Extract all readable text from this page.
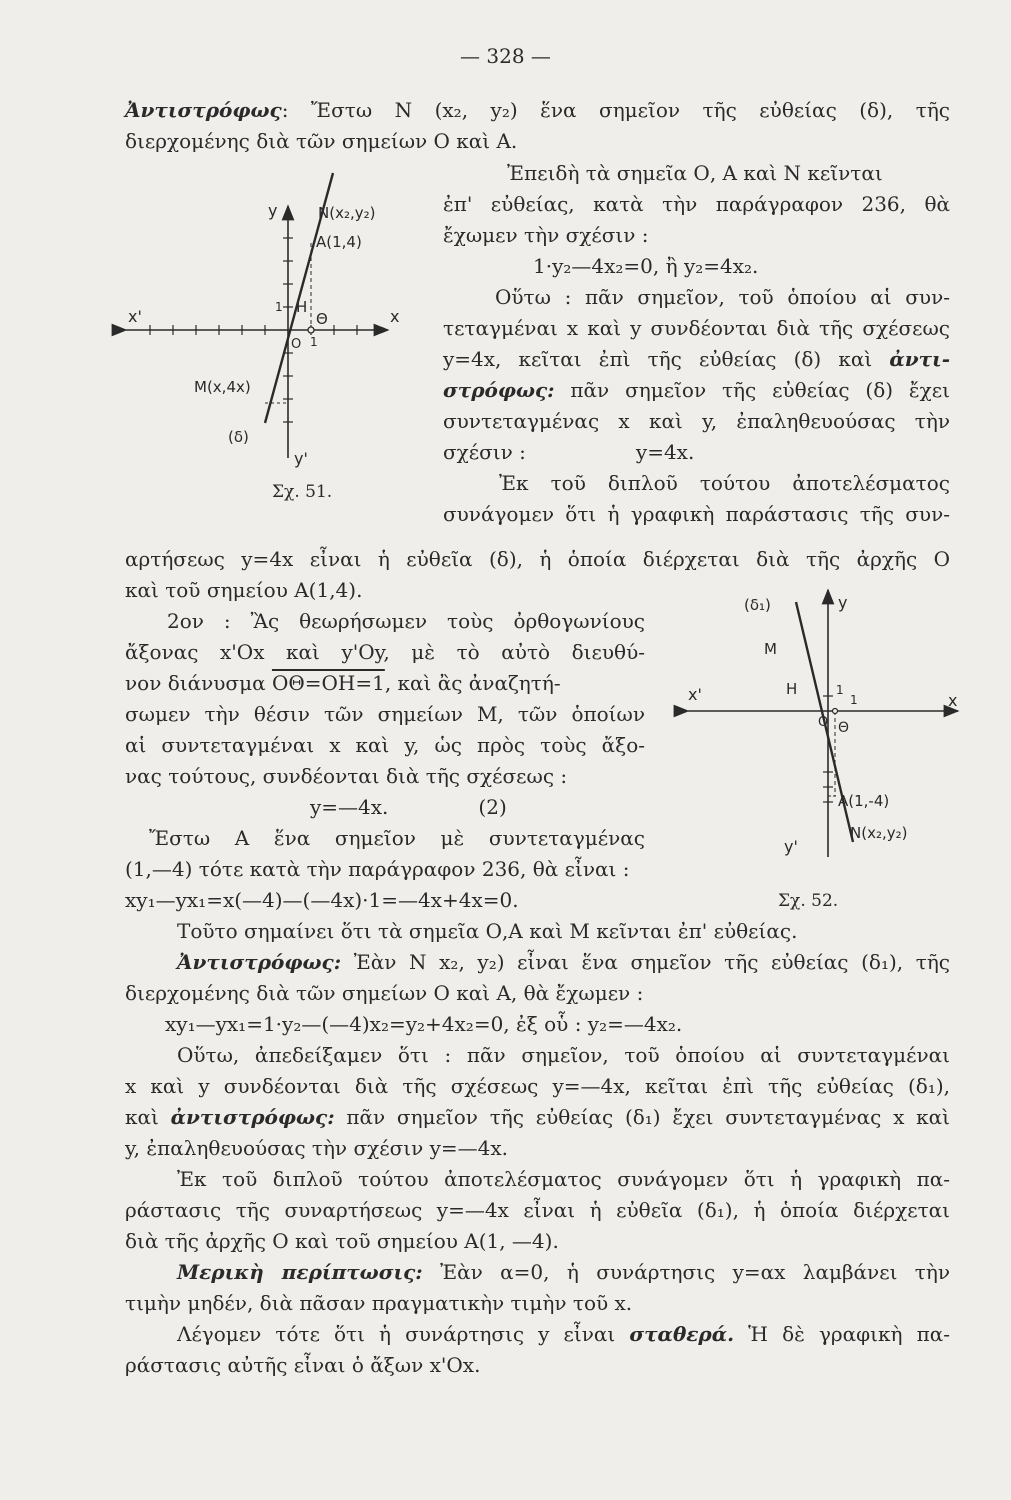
— 328 —
Ἀντιστρόφως: Ἔστω Ν (x₂, y₂) ἕνα σημεῖον τῆς εὐθείας (δ), τῆς
διερχομένης διὰ τῶν σημείων Ο καὶ Α.
Ἐπειδὴ τὰ σημεῖα Ο, Α καὶ Ν κεῖνται
ἐπ' εὐθείας, κατὰ τὴν παράγραφον 236, θὰ
ἔχωμεν τὴν σχέσιν :
1·y₂—4x₂=0, ἢ y₂=4x₂.
Οὕτω : πᾶν σημεῖον, τοῦ ὁποίου αἱ συν-
τεταγμέναι x καὶ y συνδέονται διὰ τῆς σχέσεως
y=4x, κεῖται ἐπὶ τῆς εὐθείας (δ) καὶ ἀντι-
στρόφως: πᾶν σημεῖον τῆς εὐθείας (δ) ἔχει
συντεταγμένας x καὶ y, ἐπαληθευούσας τὴν
σχέσιν :	y=4x.
Ἐκ τοῦ διπλοῦ τούτου ἀποτελέσματος
συνάγομεν ὅτι ἡ γραφικὴ παράστασις τῆς συν-
αρτήσεως y=4x εἶναι ἡ εὐθεῖα (δ), ἡ ὁποία διέρχεται διὰ τῆς ἀρχῆς Ο
καὶ τοῦ σημείου Α(1,4).
2ον : Ἂς θεωρήσωμεν τοὺς ὀρθογωνίους
ἄξονας x'Ox καὶ y'Oy, μὲ τὸ αὐτὸ διευθύ-
νον διάνυσμα OΘ=OH=1, καὶ ἂς ἀναζητή-
σωμεν τὴν θέσιν τῶν σημείων Μ, τῶν ὁποίων
αἱ συντεταγμέναι x καὶ y, ὡς πρὸς τοὺς ἄξο-
νας τούτους, συνδέονται διὰ τῆς σχέσεως :
y=—4x.	(2)
Ἔστω Α ἕνα σημεῖον μὲ συντεταγμένας
(1,—4) τότε κατὰ τὴν παράγραφον 236, θὰ εἶναι :
xy₁—yx₁=x(—4)—(—4x)·1=—4x+4x=0.
Τοῦτο σημαίνει ὅτι τὰ σημεῖα Ο,Α καὶ Μ κεῖνται ἐπ' εὐθείας.
Ἀντιστρόφως: Ἐὰν Ν x₂, y₂) εἶναι ἕνα σημεῖον τῆς εὐθείας (δ₁), τῆς
διερχομένης διὰ τῶν σημείων Ο καὶ Α, θὰ ἔχωμεν :
xy₁—yx₁=1·y₂—(—4)x₂=y₂+4x₂=0, ἐξ οὗ : y₂=—4x₂.
Οὕτω, ἀπεδείξαμεν ὅτι : πᾶν σημεῖον, τοῦ ὁποίου αἱ συντεταγμέναι
x καὶ y συνδέονται διὰ τῆς σχέσεως y=—4x, κεῖται ἐπὶ τῆς εὐθείας (δ₁),
καὶ ἀντιστρόφως: πᾶν σημεῖον τῆς εὐθείας (δ₁) ἔχει συντεταγμένας x καὶ
y, ἐπαληθευούσας τὴν σχέσιν y=—4x.
Ἐκ τοῦ διπλοῦ τούτου ἀποτελέσματος συνάγομεν ὅτι ἡ γραφικὴ πα-
ράστασις τῆς συναρτήσεως y=—4x εἶναι ἡ εὐθεῖα (δ₁), ἡ ὁποία διέρχεται
διὰ τῆς ἀρχῆς Ο καὶ τοῦ σημείου Α(1, —4).
Μερικὴ περίπτωσις: Ἐὰν α=0, ἡ συνάρτησις y=αx λαμβάνει τὴν
τιμὴν μηδέν, διὰ πᾶσαν πραγματικὴν τιμὴν τοῦ x.
Λέγομεν τότε ὅτι ἡ συνάρτησις y εἶναι σταθερά. Ἡ δὲ γραφικὴ πα-
ράστασις αὐτῆς εἶναι ὁ ἄξων x'Ox.
y
y'
x
x'
N(x₂,y₂)
A(1,4)
M(x,4x)
(δ)
H
Θ
O
1
1
Σχ. 51.
y
y'
x
x'
(δ₁)
M
H
O Θ
1
1
A(1,-4)
N(x₂,y₂)
Σχ. 52.
